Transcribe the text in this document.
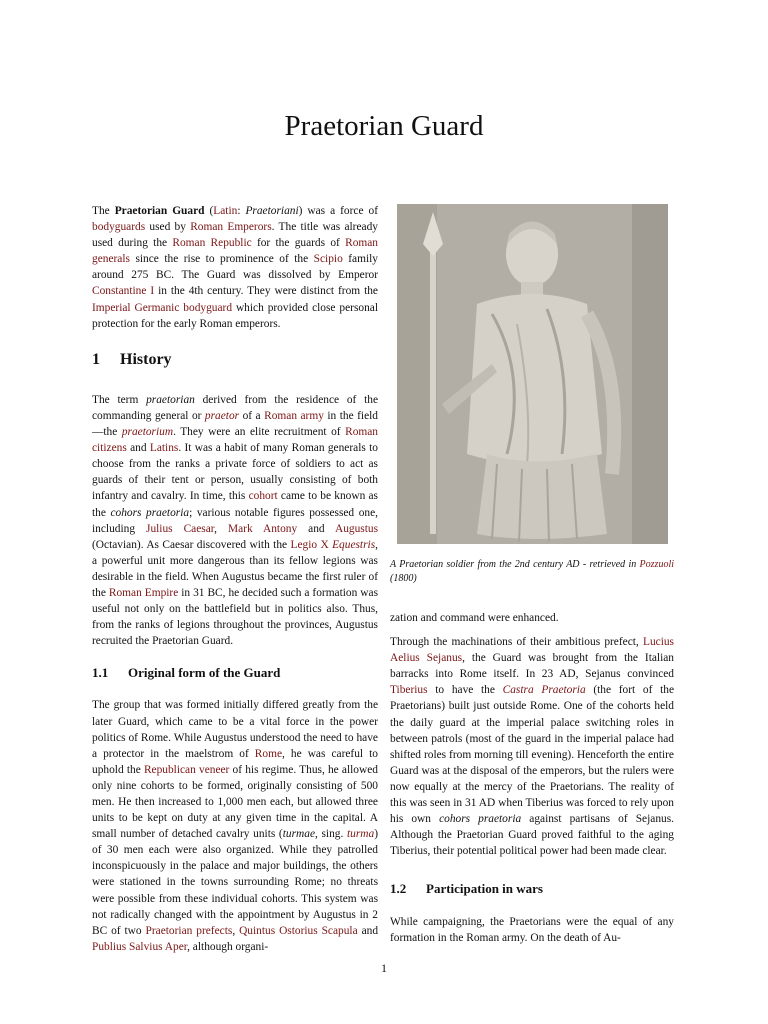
Praetorian Guard

The Praetorian Guard (Latin: Praetoriani) was a force of bodyguards used by Roman Emperors. The title was already used during the Roman Republic for the guards of Roman generals since the rise to prominence of the Scipio family around 275 BC. The Guard was dissolved by Emperor Constantine I in the 4th century. They were distinct from the Imperial Germanic bodyguard which provided close personal protection for the early Roman emperors.

1 History

The term praetorian derived from the residence of the commanding general or praetor of a Roman army in the field—the praetorium. They were an elite recruitment of Roman citizens and Latins. It was a habit of many Roman generals to choose from the ranks a private force of soldiers to act as guards of their tent or person, usually consisting of both infantry and cavalry. In time, this cohort came to be known as the cohors praetoria; various notable figures possessed one, including Julius Caesar, Mark Antony and Augustus (Octavian). As Caesar discovered with the Legio X Equestris, a powerful unit more dangerous than its fellow legions was desirable in the field. When Augustus became the first ruler of the Roman Empire in 31 BC, he decided such a formation was useful not only on the battlefield but in politics also. Thus, from the ranks of legions throughout the provinces, Augustus recruited the Praetorian Guard.

1.1 Original form of the Guard

The group that was formed initially differed greatly from the later Guard, which came to be a vital force in the power politics of Rome. While Augustus understood the need to have a protector in the maelstrom of Rome, he was careful to uphold the Republican veneer of his regime. Thus, he allowed only nine cohorts to be formed, originally consisting of 500 men. He then increased to 1,000 men each, but allowed three units to be kept on duty at any given time in the capital. A small number of detached cavalry units (turmae, sing. turma) of 30 men each were also organized. While they patrolled inconspicuously in the palace and major buildings, the others were stationed in the towns surrounding Rome; no threats were possible from these individual cohorts. This system was not radically changed with the appointment by Augustus in 2 BC of two Praetorian prefects, Quintus Ostorius Scapula and Publius Salvius Aper, although organi-

A Praetorian soldier from the 2nd century AD - retrieved in Pozzuoli (1800)

zation and command were enhanced.

Through the machinations of their ambitious prefect, Lucius Aelius Sejanus, the Guard was brought from the Italian barracks into Rome itself. In 23 AD, Sejanus convinced Tiberius to have the Castra Praetoria (the fort of the Praetorians) built just outside Rome. One of the cohorts held the daily guard at the imperial palace switching roles in between patrols (most of the guard in the imperial palace had shifted roles from morning till evening). Henceforth the entire Guard was at the disposal of the emperors, but the rulers were now equally at the mercy of the Praetorians. The reality of this was seen in 31 AD when Tiberius was forced to rely upon his own cohors praetoria against partisans of Sejanus. Although the Praetorian Guard proved faithful to the aging Tiberius, their potential political power had been made clear.

1.2 Participation in wars

While campaigning, the Praetorians were the equal of any formation in the Roman army. On the death of Au-

1
